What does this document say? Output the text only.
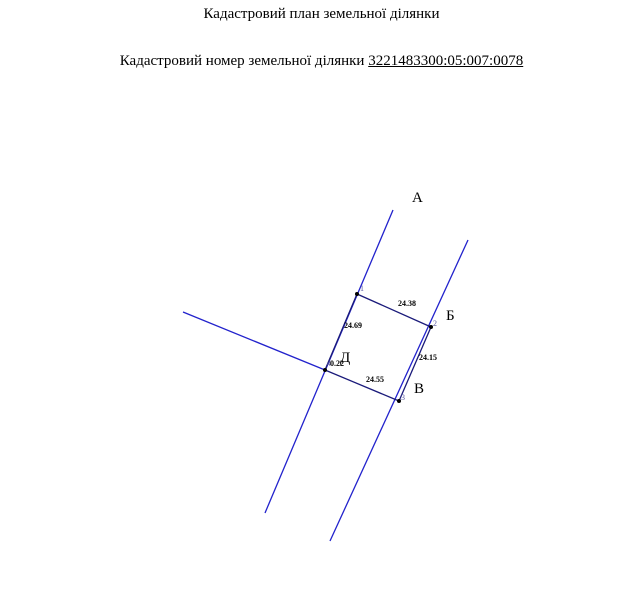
Кадастровий план земельної ділянки
Кадастровий номер земельної ділянки 3221483300:05:007:0078
1
2
3
4
24.38
24.15
24.55
24.69
0.22
А
Б
В
Д
